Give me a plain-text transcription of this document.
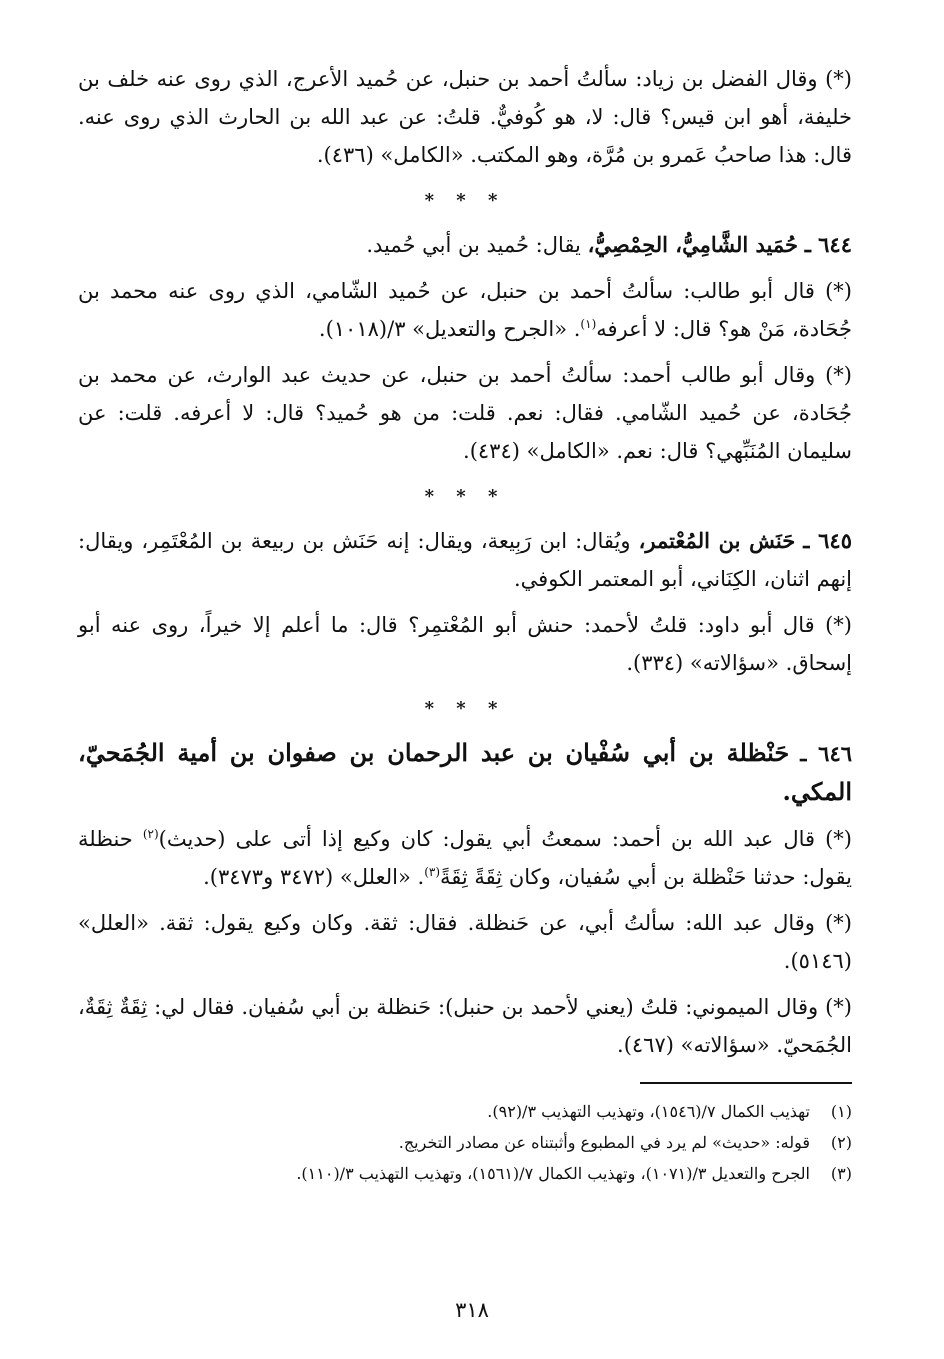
(*) وقال الفضل بن زياد: سألتُ أحمد بن حنبل، عن حُميد الأعرج، الذي روى عنه خلف بن خليفة، أهو ابن قيس؟ قال: لا، هو كُوفيٌّ. قلتُ: عن عبد الله بن الحارث الذي روى عنه. قال: هذا صاحبُ عَمرو بن مُرَّة، وهو المكتب. «الكامل» (٤٣٦).

* * *

٦٤٤ ـ حُمَيد الشَّامِيُّ، الحِمْصِيُّ، يقال: حُميد بن أبي حُميد.

(*) قال أبو طالب: سألتُ أحمد بن حنبل، عن حُميد الشّامي، الذي روى عنه محمد بن جُحَادة، مَنْ هو؟ قال: لا أعرفه$^{(١)}$. «الجرح والتعديل» ٣/(١٠١٨).

(*) وقال أبو طالب أحمد: سألتُ أحمد بن حنبل، عن حديث عبد الوارث، عن محمد بن جُحَادة، عن حُميد الشّامي. فقال: نعم. قلت: من هو حُميد؟ قال: لا أعرفه. قلت: عن سليمان المُنَبِّهي؟ قال: نعم. «الكامل» (٤٣٤).

* * *

٦٤٥ ـ حَنَش بن المُعْتمر، ويُقال: ابن رَبِيعة، ويقال: إنه حَنَش بن ربيعة بن المُعْتَمِر، ويقال: إنهم اثنان، الكِنَاني، أبو المعتمر الكوفي.

(*) قال أبو داود: قلتُ لأحمد: حنش أبو المُعْتمِر؟ قال: ما أعلم إلا خيراً، روى عنه أبو إسحاق. «سؤالاته» (٣٣٤).

* * *

٦٤٦ ـ حَنْظلة بن أبي سُفْيان بن عبد الرحمان بن صفوان بن أمية الجُمَحيّ، المكي.

(*) قال عبد الله بن أحمد: سمعتُ أبي يقول: كان وكيع إذا أتى على (حديث)$^{(٢)}$ حنظلة يقول: حدثنا حَنْظلة بن أبي سُفيان، وكان ثِقَةً ثِقَةً$^{(٣)}$. «العلل» (٣٤٧٢ و٣٤٧٣).

(*) وقال عبد الله: سألتُ أبي، عن حَنظلة. فقال: ثقة. وكان وكيع يقول: ثقة. «العلل» (٥١٤٦).

(*) وقال الميموني: قلتُ (يعني لأحمد بن حنبل): حَنظلة بن أبي سُفيان. فقال لي: ثِقَةٌ ثِقَةٌ، الجُمَحيّ. «سؤالاته» (٤٦٧).

(١)
تهذيب الكمال ٧/(١٥٤٦)، وتهذيب التهذيب ٣/(٩٢).
(٢)
قوله: «حديث» لم يرد في المطبوع وأثبتناه عن مصادر التخريج.
(٣)
الجرح والتعديل ٣/(١٠٧١)، وتهذيب الكمال ٧/(١٥٦١)، وتهذيب التهذيب ٣/(١١٠).
٣١٨
